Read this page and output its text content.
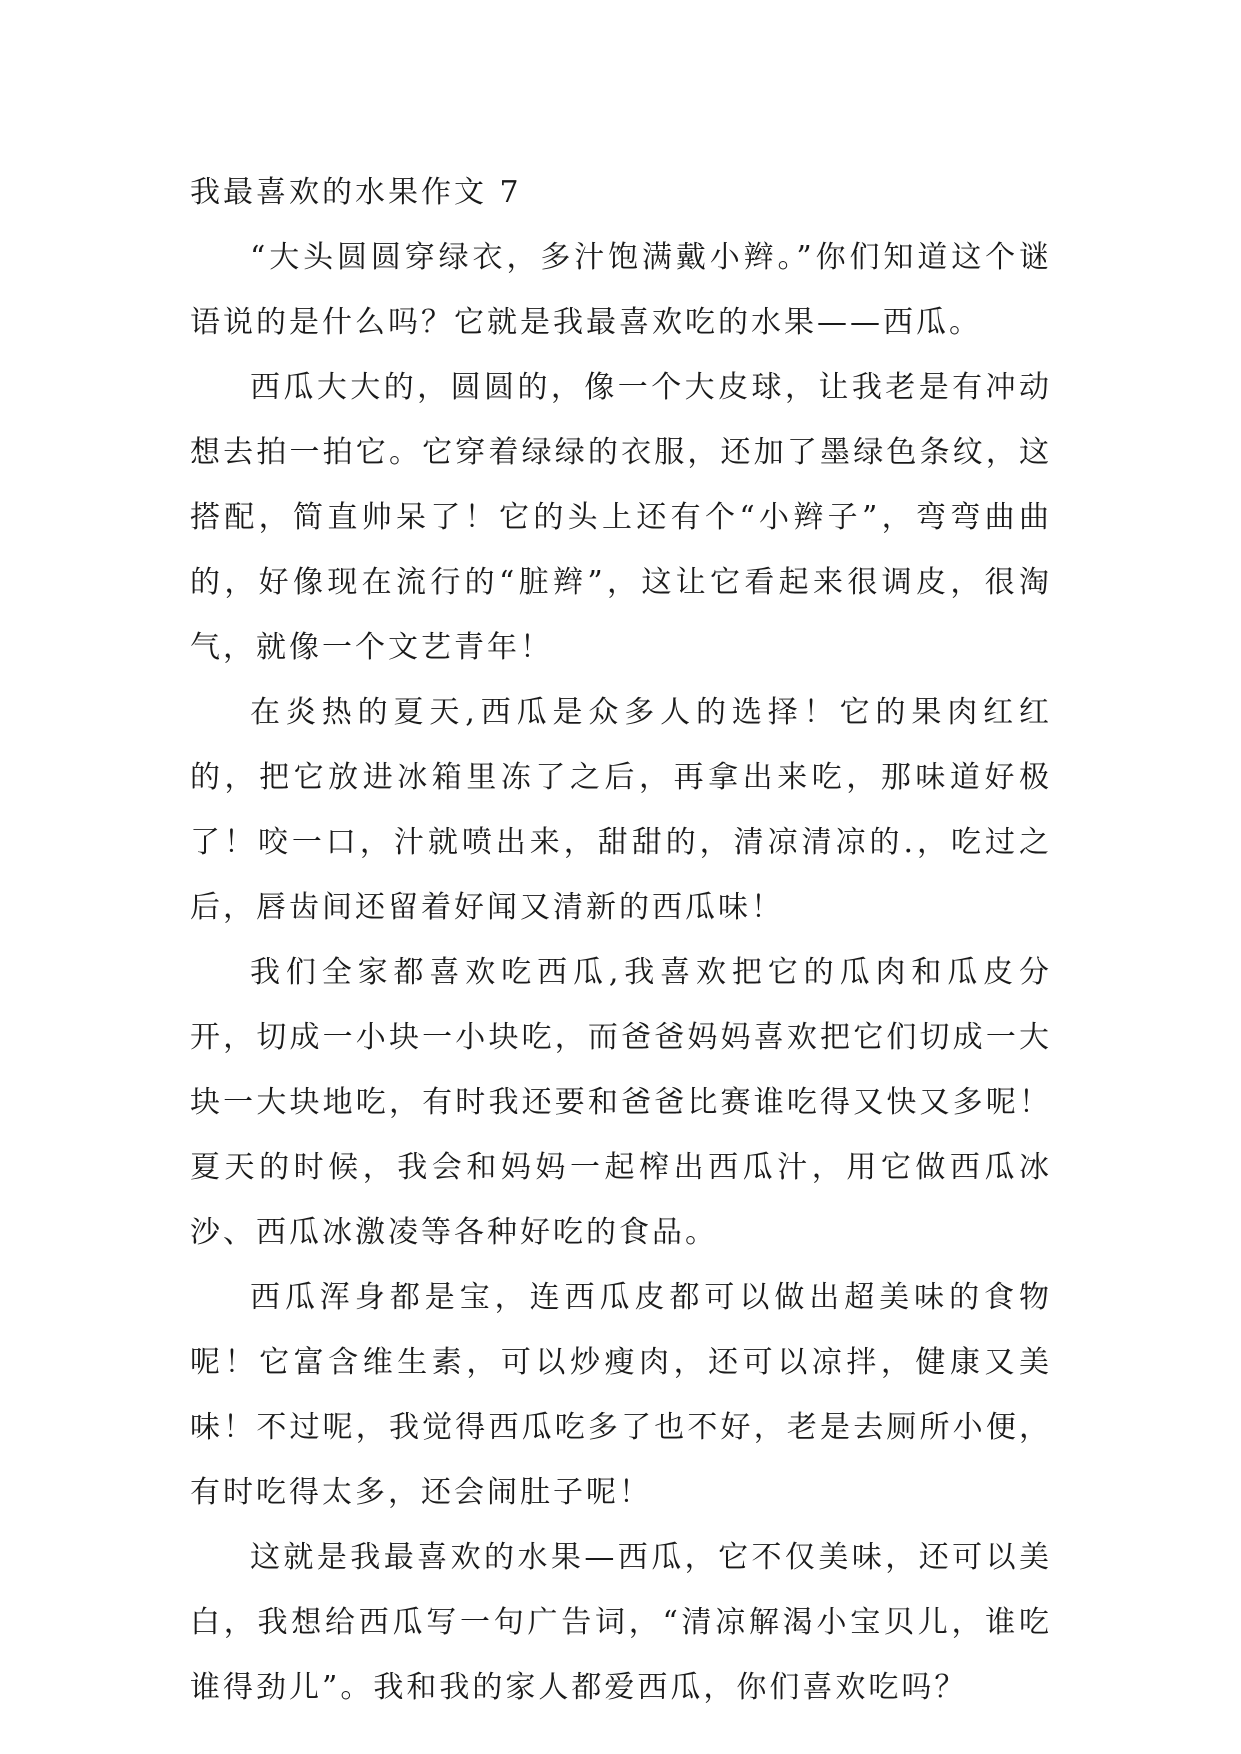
我最喜欢的水果作文 7

“大头圆圆穿绿衣，多汁饱满戴小辫。”你们知道这个谜语说的是什么吗？它就是我最喜欢吃的水果——西瓜。

西瓜大大的，圆圆的，像一个大皮球，让我老是有冲动想去拍一拍它。它穿着绿绿的衣服，还加了墨绿色条纹，这搭配，简直帅呆了！它的头上还有个“小辫子”，弯弯曲曲的，好像现在流行的“脏辫”，这让它看起来很调皮，很淘气，就像一个文艺青年！

在炎热的夏天,西瓜是众多人的选择！它的果肉红红的，把它放进冰箱里冻了之后，再拿出来吃，那味道好极了！咬一口，汁就喷出来，甜甜的，清凉清凉的.，吃过之后，唇齿间还留着好闻又清新的西瓜味！

我们全家都喜欢吃西瓜,我喜欢把它的瓜肉和瓜皮分开，切成一小块一小块吃，而爸爸妈妈喜欢把它们切成一大块一大块地吃，有时我还要和爸爸比赛谁吃得又快又多呢！夏天的时候，我会和妈妈一起榨出西瓜汁，用它做西瓜冰沙、西瓜冰激凌等各种好吃的食品。

西瓜浑身都是宝，连西瓜皮都可以做出超美味的食物呢！它富含维生素，可以炒瘦肉，还可以凉拌，健康又美味！不过呢，我觉得西瓜吃多了也不好，老是去厕所小便，有时吃得太多，还会闹肚子呢！

这就是我最喜欢的水果—西瓜，它不仅美味，还可以美白，我想给西瓜写一句广告词，“清凉解渴小宝贝儿，谁吃谁得劲儿”。我和我的家人都爱西瓜，你们喜欢吃吗？
